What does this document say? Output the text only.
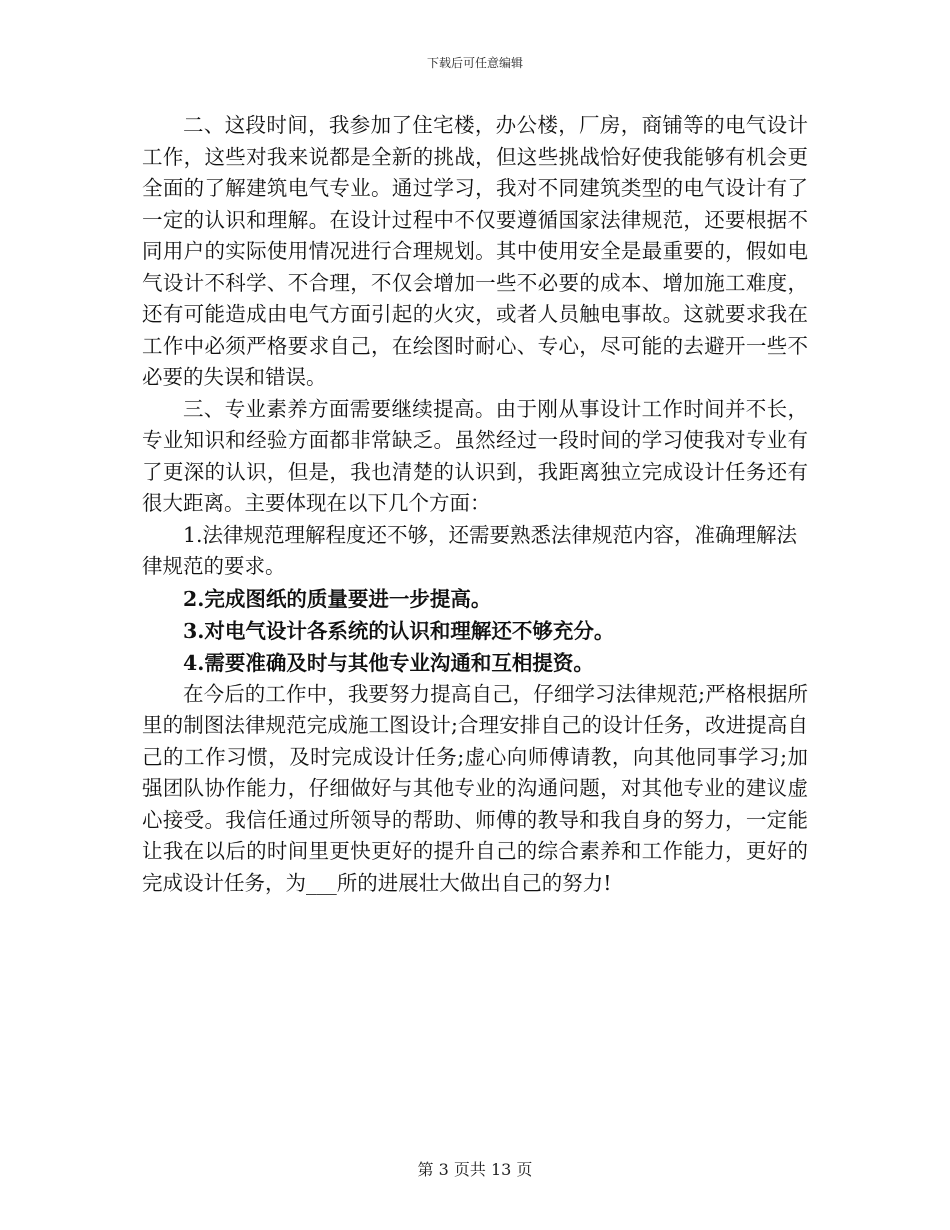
下载后可任意编辑

二、这段时间，我参加了住宅楼，办公楼，厂房，商铺等的电气设计工作，这些对我来说都是全新的挑战，但这些挑战恰好使我能够有机会更全面的了解建筑电气专业。通过学习，我对不同建筑类型的电气设计有了一定的认识和理解。在设计过程中不仅要遵循国家法律规范，还要根据不同用户的实际使用情况进行合理规划。其中使用安全是最重要的，假如电气设计不科学、不合理，不仅会增加一些不必要的成本、增加施工难度，还有可能造成由电气方面引起的火灾，或者人员触电事故。这就要求我在工作中必须严格要求自己，在绘图时耐心、专心，尽可能的去避开一些不必要的失误和错误。

三、专业素养方面需要继续提高。由于刚从事设计工作时间并不长，专业知识和经验方面都非常缺乏。虽然经过一段时间的学习使我对专业有了更深的认识，但是，我也清楚的认识到，我距离独立完成设计任务还有很大距离。主要体现在以下几个方面：

1.法律规范理解程度还不够，还需要熟悉法律规范内容，准确理解法律规范的要求。

2.完成图纸的质量要进一步提高。

3.对电气设计各系统的认识和理解还不够充分。

4.需要准确及时与其他专业沟通和互相提资。

在今后的工作中，我要努力提高自己，仔细学习法律规范;严格根据所里的制图法律规范完成施工图设计;合理安排自己的设计任务，改进提高自己的工作习惯，及时完成设计任务;虚心向师傅请教，向其他同事学习;加强团队协作能力，仔细做好与其他专业的沟通问题，对其他专业的建议虚心接受。我信任通过所领导的帮助、师傅的教导和我自身的努力，一定能让我在以后的时间里更快更好的提升自己的综合素养和工作能力，更好的完成设计任务，为___所的进展壮大做出自己的努力!

第 3 页共 13 页
